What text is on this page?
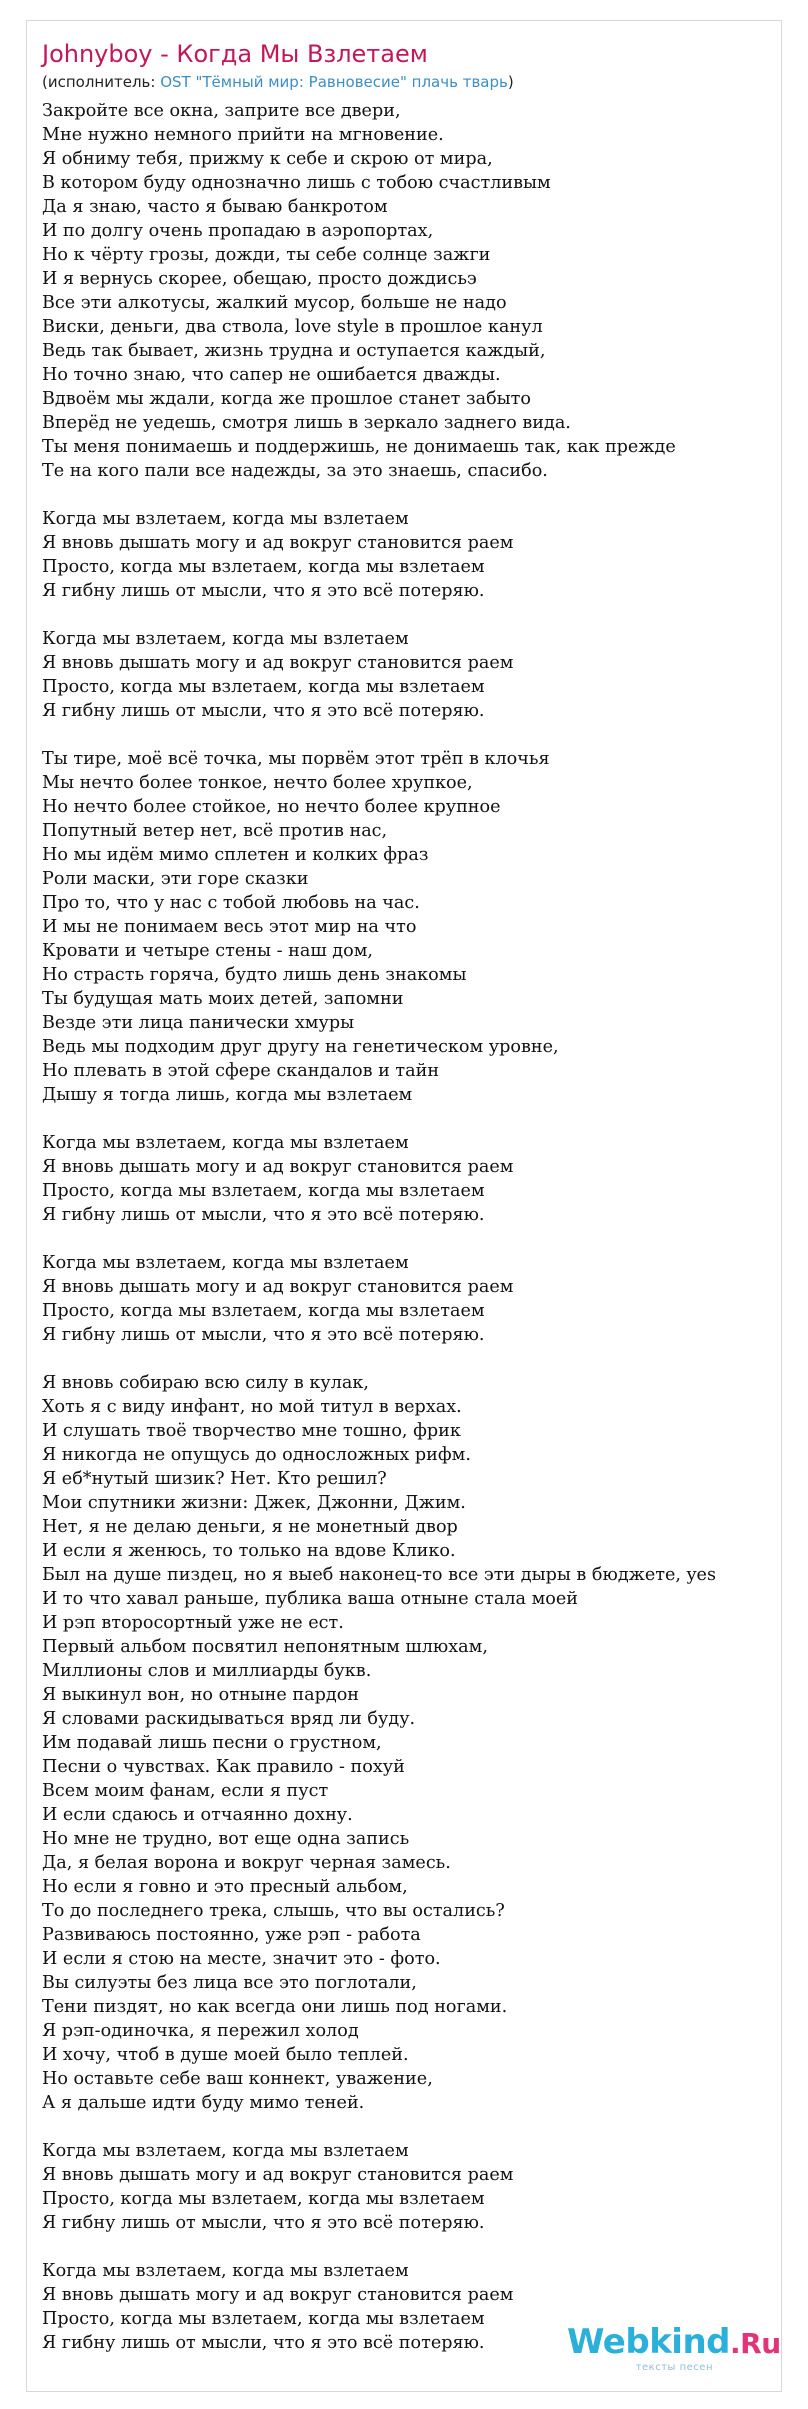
Johnyboy - Когда Мы Взлетаем
(исполнитель: OST "Тёмный мир: Равновесие" плачь тварь)
Закройте все окна, заприте все двери,
Мне нужно немного прийти на мгновение.
Я обниму тебя, прижму к себе и скрою от мира,
В котором буду однозначно лишь с тобою счастливым
Да я знаю, часто я бываю банкротом
И по долгу очень пропадаю в аэропортах,
Но к чёрту грозы, дожди, ты себе солнце зажги
И я вернусь скорее, обещаю, просто дождисьэ
Все эти алкотусы, жалкий мусор, больше не надо
Виски, деньги, два ствола, love style в прошлое канул
Ведь так бывает, жизнь трудна и оступается каждый,
Но точно знаю, что сапер не ошибается дважды.
Вдвоём мы ждали, когда же прошлое станет забыто
Вперёд не уедешь, смотря лишь в зеркало заднего вида.
Ты меня понимаешь и поддержишь, не донимаешь так, как прежде
Те на кого пали все надежды, за это знаешь, спасибо.
Когда мы взлетаем, когда мы взлетаем
Я вновь дышать могу и ад вокруг становится раем
Просто, когда мы взлетаем, когда мы взлетаем
Я гибну лишь от мысли, что я это всё потеряю.
Когда мы взлетаем, когда мы взлетаем
Я вновь дышать могу и ад вокруг становится раем
Просто, когда мы взлетаем, когда мы взлетаем
Я гибну лишь от мысли, что я это всё потеряю.
Ты тире, моё всё точка, мы порвём этот трёп в клочья
Мы нечто более тонкое, нечто более хрупкое,
Но нечто более стойкое, но нечто более крупное
Попутный ветер нет, всё против нас,
Но мы идём мимо сплетен и колких фраз
Роли маски, эти горе сказки
Про то, что у нас с тобой любовь на час.
И мы не понимаем весь этот мир на что
Кровати и четыре стены - наш дом,
Но страсть горяча, будто лишь день знакомы
Ты будущая мать моих детей, запомни
Везде эти лица панически хмуры
Ведь мы подходим друг другу на генетическом уровне,
Но плевать в этой сфере скандалов и тайн
Дышу я тогда лишь, когда мы взлетаем
Когда мы взлетаем, когда мы взлетаем
Я вновь дышать могу и ад вокруг становится раем
Просто, когда мы взлетаем, когда мы взлетаем
Я гибну лишь от мысли, что я это всё потеряю.
Когда мы взлетаем, когда мы взлетаем
Я вновь дышать могу и ад вокруг становится раем
Просто, когда мы взлетаем, когда мы взлетаем
Я гибну лишь от мысли, что я это всё потеряю.
Я вновь собираю всю силу в кулак,
Хоть я с виду инфант, но мой титул в верхах.
И слушать твоё творчество мне тошно, фрик
Я никогда не опущусь до односложных рифм.
Я еб*нутый шизик? Нет. Кто решил?
Мои спутники жизни: Джек, Джонни, Джим.
Нет, я не делаю деньги, я не монетный двор
И если я женюсь, то только на вдове Клико.
Был на душе пиздец, но я выеб наконец-то все эти дыры в бюджете, yes
И то что хавал раньше, публика ваша отныне стала моей
И рэп второсортный уже не ест.
Первый альбом посвятил непонятным шлюхам,
Миллионы слов и миллиарды букв.
Я выкинул вон, но отныне пардон
Я словами раскидываться вряд ли буду.
Им подавай лишь песни о грустном,
Песни о чувствах. Как правило - похуй
Всем моим фанам, если я пуст
И если сдаюсь и отчаянно дохну.
Но мне не трудно, вот еще одна запись
Да, я белая ворона и вокруг черная замесь.
Но если я говно и это пресный альбом,
То до последнего трека, слышь, что вы остались?
Развиваюсь постоянно, уже рэп - работа
И если я стою на месте, значит это - фото.
Вы силуэты без лица все это поглотали,
Тени пиздят, но как всегда они лишь под ногами.
Я рэп-одиночка, я пережил холод
И хочу, чтоб в душе моей было теплей.
Но оставьте себе ваш коннект, уважение,
А я дальше идти буду мимо теней.
Когда мы взлетаем, когда мы взлетаем
Я вновь дышать могу и ад вокруг становится раем
Просто, когда мы взлетаем, когда мы взлетаем
Я гибну лишь от мысли, что я это всё потеряю.
Когда мы взлетаем, когда мы взлетаем
Я вновь дышать могу и ад вокруг становится раем
Просто, когда мы взлетаем, когда мы взлетаем
Я гибну лишь от мысли, что я это всё потеряю.	Webkind.Ru
тексты песен
